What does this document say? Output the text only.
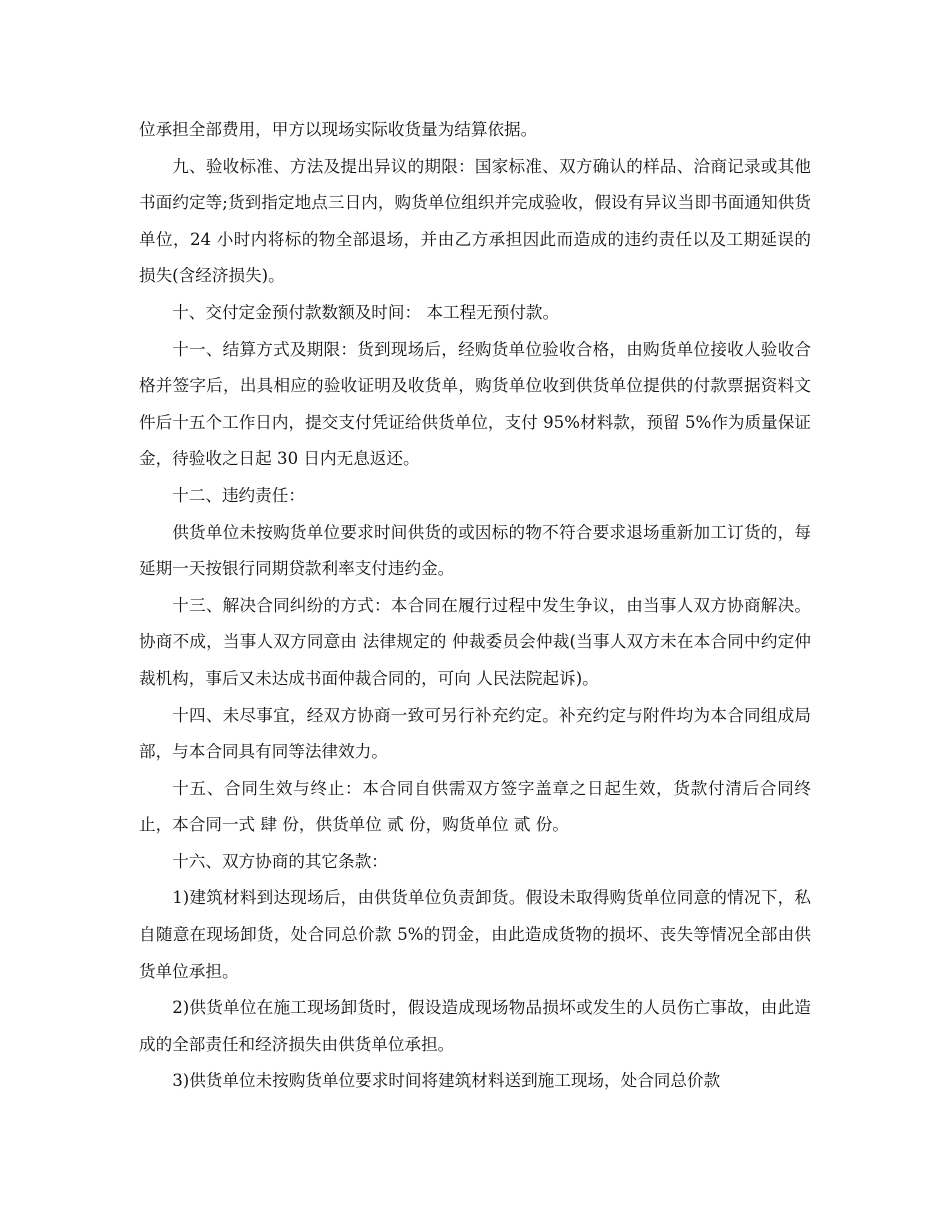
位承担全部费用，甲方以现场实际收货量为结算依据。

九、验收标准、方法及提出异议的期限：国家标准、双方确认的样品、洽商记录或其他书面约定等;货到指定地点三日内，购货单位组织并完成验收，假设有异议当即书面通知供货单位，24 小时内将标的物全部退场，并由乙方承担因此而造成的违约责任以及工期延误的损失(含经济损失)。

十、交付定金预付款数额及时间： 本工程无预付款。

十一、结算方式及期限：货到现场后，经购货单位验收合格，由购货单位接收人验收合格并签字后，出具相应的验收证明及收货单，购货单位收到供货单位提供的付款票据资料文件后十五个工作日内，提交支付凭证给供货单位，支付 95%材料款，预留 5%作为质量保证金，待验收之日起 30 日内无息返还。

十二、违约责任：

供货单位未按购货单位要求时间供货的或因标的物不符合要求退场重新加工订货的，每延期一天按银行同期贷款利率支付违约金。

十三、解决合同纠纷的方式：本合同在履行过程中发生争议，由当事人双方协商解决。协商不成，当事人双方同意由 法律规定的 仲裁委员会仲裁(当事人双方未在本合同中约定仲裁机构，事后又未达成书面仲裁合同的，可向 人民法院起诉)。

十四、未尽事宜，经双方协商一致可另行补充约定。补充约定与附件均为本合同组成局部，与本合同具有同等法律效力。

十五、合同生效与终止：本合同自供需双方签字盖章之日起生效，货款付清后合同终止，本合同一式 肆 份，供货单位 贰 份，购货单位 贰 份。

十六、双方协商的其它条款：

1)建筑材料到达现场后，由供货单位负责卸货。假设未取得购货单位同意的情况下，私自随意在现场卸货，处合同总价款 5%的罚金，由此造成货物的损坏、丧失等情况全部由供货单位承担。

2)供货单位在施工现场卸货时，假设造成现场物品损坏或发生的人员伤亡事故，由此造成的全部责任和经济损失由供货单位承担。

3)供货单位未按购货单位要求时间将建筑材料送到施工现场，处合同总价款
